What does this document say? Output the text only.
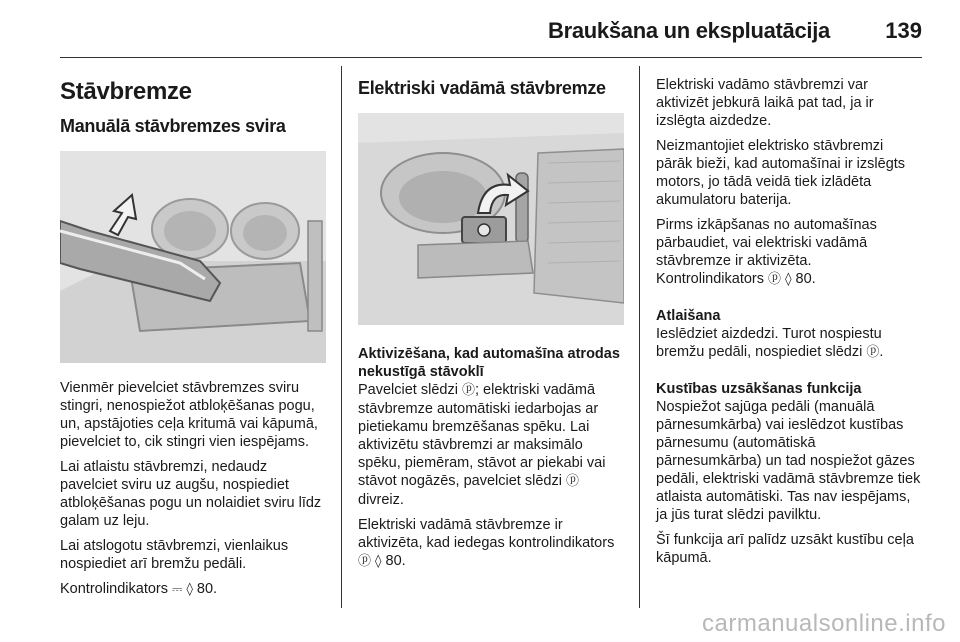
Braukšana un ekspluatācija	139
Stāvbremze
Manuālā stāvbremzes svira

Vienmēr pievelciet stāvbremzes sviru stingri, nenospiežot atbloķēšanas pogu, un, apstājoties ceļa kritumā vai kāpumā, pievelciet to, cik stingri vien iespējams.

Lai atlaistu stāvbremzi, nedaudz pavelciet sviru uz augšu, nospiediet atbloķēšanas pogu un nolaidiet sviru līdz galam uz leju.

Lai atslogotu stāvbremzi, vienlaikus nospiediet arī bremžu pedāli.

Kontrolindikators ⎓ ◊ 80.

Elektriski vadāmā stāvbremze
Aktivizēšana, kad automašīna atrodas nekustīgā stāvoklī

Pavelciet slēdzi ⓟ; elektriski vadāmā stāvbremze automātiski iedarbojas ar pietiekamu bremzēšanas spēku. Lai aktivizētu stāvbremzi ar maksimālo spēku, piemēram, stāvot ar piekabi vai stāvot nogāzēs, pavelciet slēdzi ⓟ divreiz.

Elektriski vadāmā stāvbremze ir aktivizēta, kad iedegas kontrolindikators ⓟ ◊ 80.

Elektriski vadāmo stāvbremzi var aktivizēt jebkurā laikā pat tad, ja ir izslēgta aizdedze.

Neizmantojiet elektrisko stāvbremzi pārāk bieži, kad automašīnai ir izslēgts motors, jo tādā veidā tiek izlādēta akumulatoru baterija.

Pirms izkāpšanas no automašīnas pārbaudiet, vai elektriski vadāmā stāvbremze ir aktivizēta.

Kontrolindikators ⓟ ◊ 80.

Atlaišana

Ieslēdziet aizdedzi. Turot nospiestu bremžu pedāli, nospiediet slēdzi ⓟ.

Kustības uzsākšanas funkcija

Nospiežot sajūga pedāli (manuālā pārnesumkārba) vai ieslēdzot kustības pārnesumu (automātiskā pārnesumkārba) un tad nospiežot gāzes pedāli, elektriski vadāmā stāvbremze tiek atlaista automātiski. Tas nav iespējams, ja jūs turat slēdzi pavilktu.

Šī funkcija arī palīdz uzsākt kustību ceļa kāpumā.

carmanualsonline.info
